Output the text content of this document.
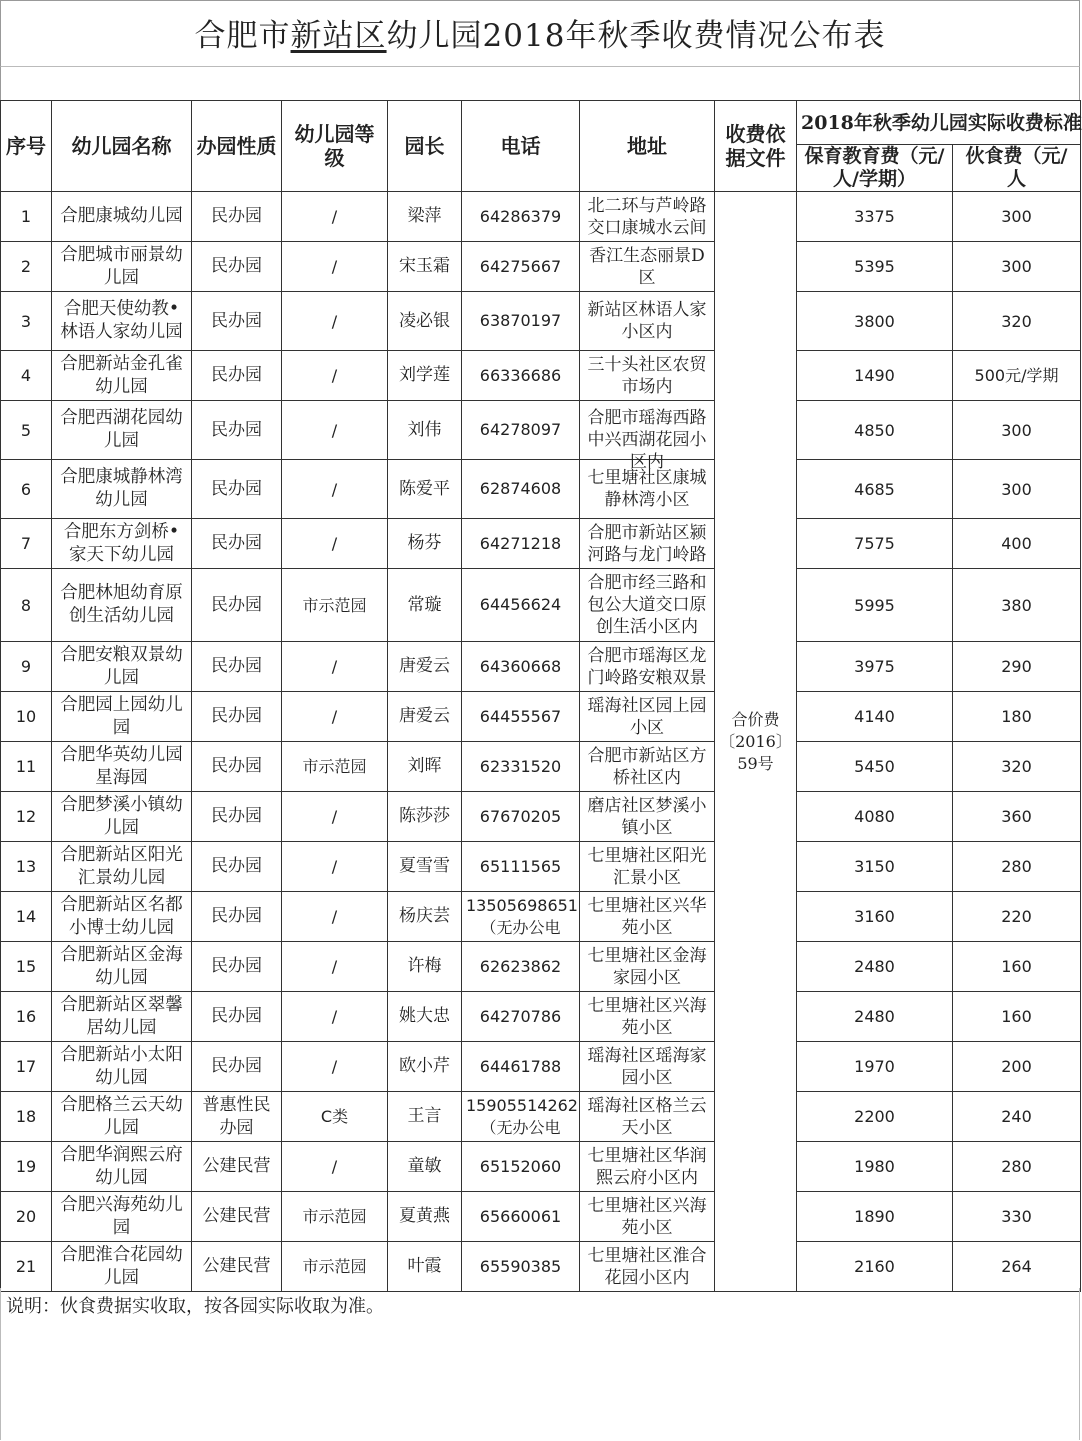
合肥市新站区幼儿园2018年秋季收费情况公布表
序号	幼儿园名称	办园性质	幼儿园等级	园长	电话	地址	收费依据文件	2018年秋季幼儿园实际收费标准	
								保育教育费（元/人/学期）	伙食费（元/人

1	合肥康城幼儿园	民办园	/	梁萍	64286379	北二环与芦岭路交口康城水云间	合价费〔2016〕59号	3375	300

2	合肥城市丽景幼儿园	民办园	/	宋玉霜	64275667	香江生态丽景D区		5395	300

3	合肥天使幼教•林语人家幼儿园	民办园	/	凌必银	63870197	新站区林语人家小区内		3800	320

4	合肥新站金孔雀幼儿园	民办园	/	刘学莲	66336686	三十头社区农贸市场内		1490	500元/学期

5	合肥西湖花园幼儿园	民办园	/	刘伟	64278097	合肥市瑶海西路中兴西湖花园小区内		4850	300

6	合肥康城静林湾幼儿园	民办园	/	陈爱平	62874608	七里塘社区康城静林湾小区		4685	300

7	合肥东方剑桥•家天下幼儿园	民办园	/	杨芬	64271218	合肥市新站区颍河路与龙门岭路		7575	400

8	合肥林旭幼育原创生活幼儿园	民办园	市示范园	常璇	64456624	合肥市经三路和包公大道交口原创生活小区内		5995	380

9	合肥安粮双景幼儿园	民办园	/	唐爱云	64360668	合肥市瑶海区龙门岭路安粮双景		3975	290

10	合肥园上园幼儿园	民办园	/	唐爱云	64455567	瑶海社区园上园小区		4140	180

11	合肥华英幼儿园星海园	民办园	市示范园	刘晖	62331520	合肥市新站区方桥社区内		5450	320

12	合肥梦溪小镇幼儿园	民办园	/	陈莎莎	67670205	磨店社区梦溪小镇小区		4080	360

13	合肥新站区阳光汇景幼儿园	民办园	/	夏雪雪	65111565	七里塘社区阳光汇景小区		3150	280

14	合肥新站区名都小博士幼儿园	民办园	/	杨庆芸	13505698651（无办公电	七里塘社区兴华苑小区		3160	220

15	合肥新站区金海幼儿园	民办园	/	许梅	62623862	七里塘社区金海家园小区		2480	160

16	合肥新站区翠馨居幼儿园	民办园	/	姚大忠	64270786	七里塘社区兴海苑小区		2480	160

17	合肥新站小太阳幼儿园	民办园	/	欧小芹	64461788	瑶海社区瑶海家园小区		1970	200

18	合肥格兰云天幼儿园	普惠性民办园	C类	王言	15905514262（无办公电	瑶海社区格兰云天小区		2200	240

19	合肥华润熙云府幼儿园	公建民营	/	童敏	65152060	七里塘社区华润熙云府小区内		1980	280

20	合肥兴海苑幼儿园	公建民营	市示范园	夏黄燕	65660061	七里塘社区兴海苑小区		1890	330

21	合肥淮合花园幼儿园	公建民营	市示范园	叶霞	65590385	七里塘社区淮合花园小区内		2160	264
说明：伙食费据实收取，按各园实际收取为准。
